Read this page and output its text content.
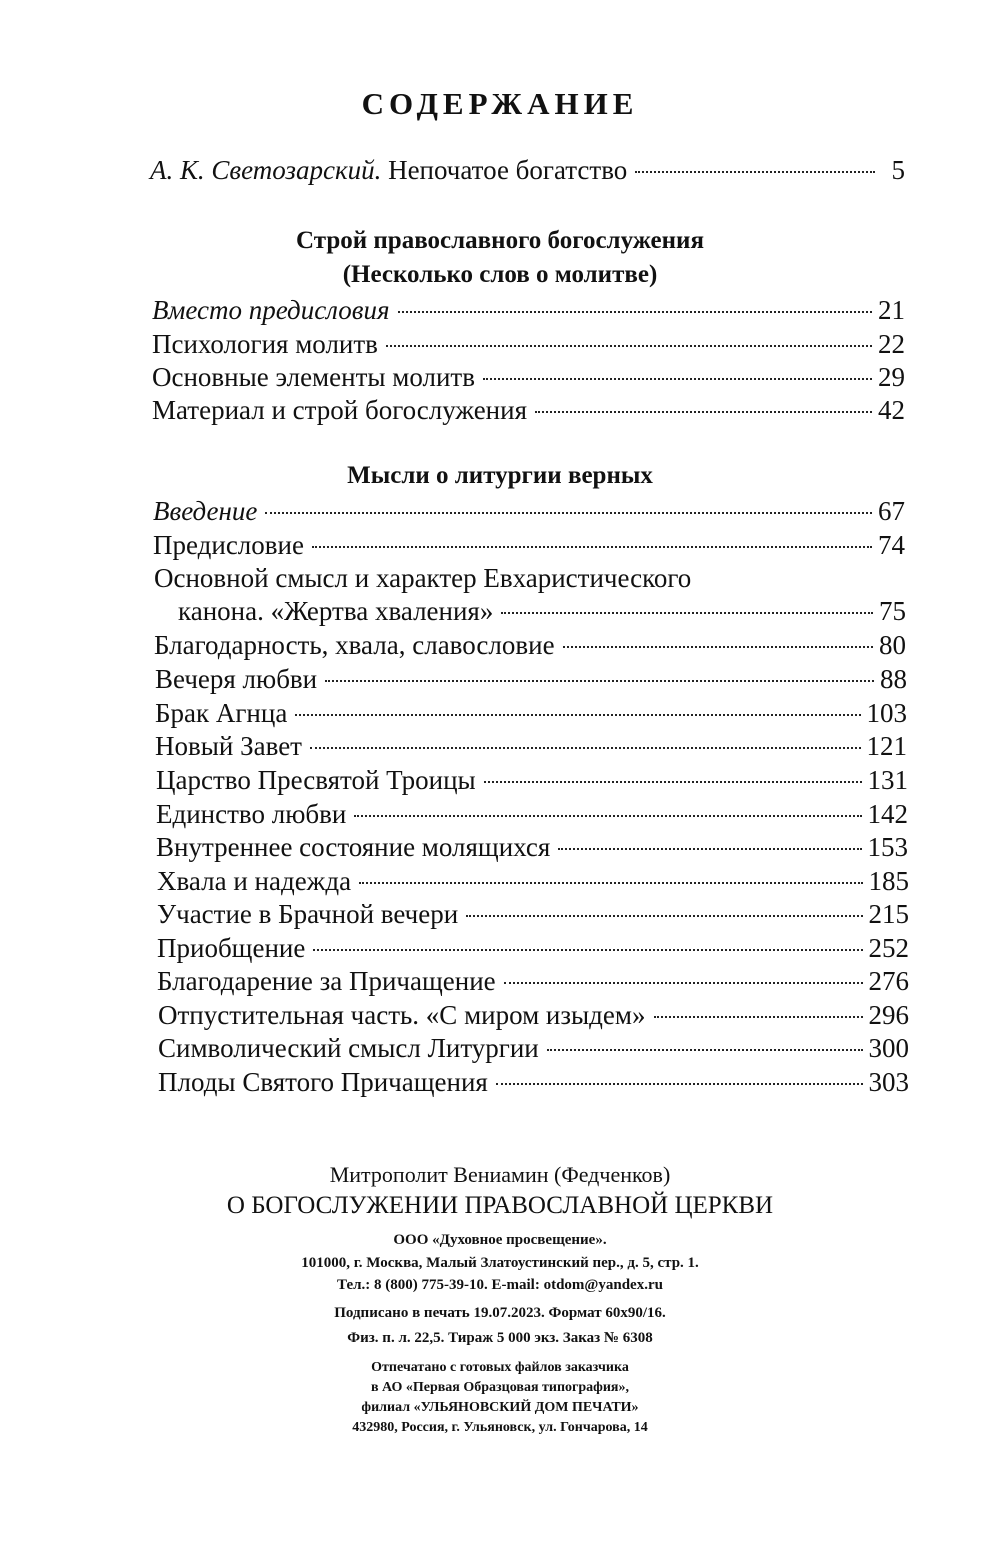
СОДЕРЖАНИЕ
А. К. Светозарский. Непочатое богатство	5
Строй православного богослужения
(Несколько слов о молитве)
Вместо предисловия	21
Психология молитв	22
Основные элементы молитв	29
Материал и строй богослужения	42
Мысли о литургии верных
Введение	67
Предисловие	74
Основной смысл и характер Евхаристического
канона. «Жертва хваления»	75
Благодарность, хвала, славословие	80
Вечеря любви	88
Брак Агнца	103
Новый Завет	121
Царство Пресвятой Троицы	131
Единство любви	142
Внутреннее состояние молящихся	153
Хвала и надежда	185
Участие в Брачной вечери	215
Приобщение	252
Благодарение за Причащение	276
Отпустительная часть. «С миром изыдем»	296
Символический смысл Литургии	300
Плоды Святого Причащения	303
Митрополит Вениамин (Федченков)
О БОГОСЛУЖЕНИИ ПРАВОСЛАВНОЙ ЦЕРКВИ
ООО «Духовное просвещение».
101000, г. Москва, Малый Златоустинский пер., д. 5, стр. 1.
Тел.: 8 (800) 775-39-10. E-mail: otdom@yandex.ru
Подписано в печать 19.07.2023. Формат 60х90/16.
Физ. п. л. 22,5. Тираж 5 000 экз. Заказ № 6308
Отпечатано с готовых файлов заказчика
в АО «Первая Образцовая типография»,
филиал «УЛЬЯНОВСКИЙ ДОМ ПЕЧАТИ»
432980, Россия, г. Ульяновск, ул. Гончарова, 14
